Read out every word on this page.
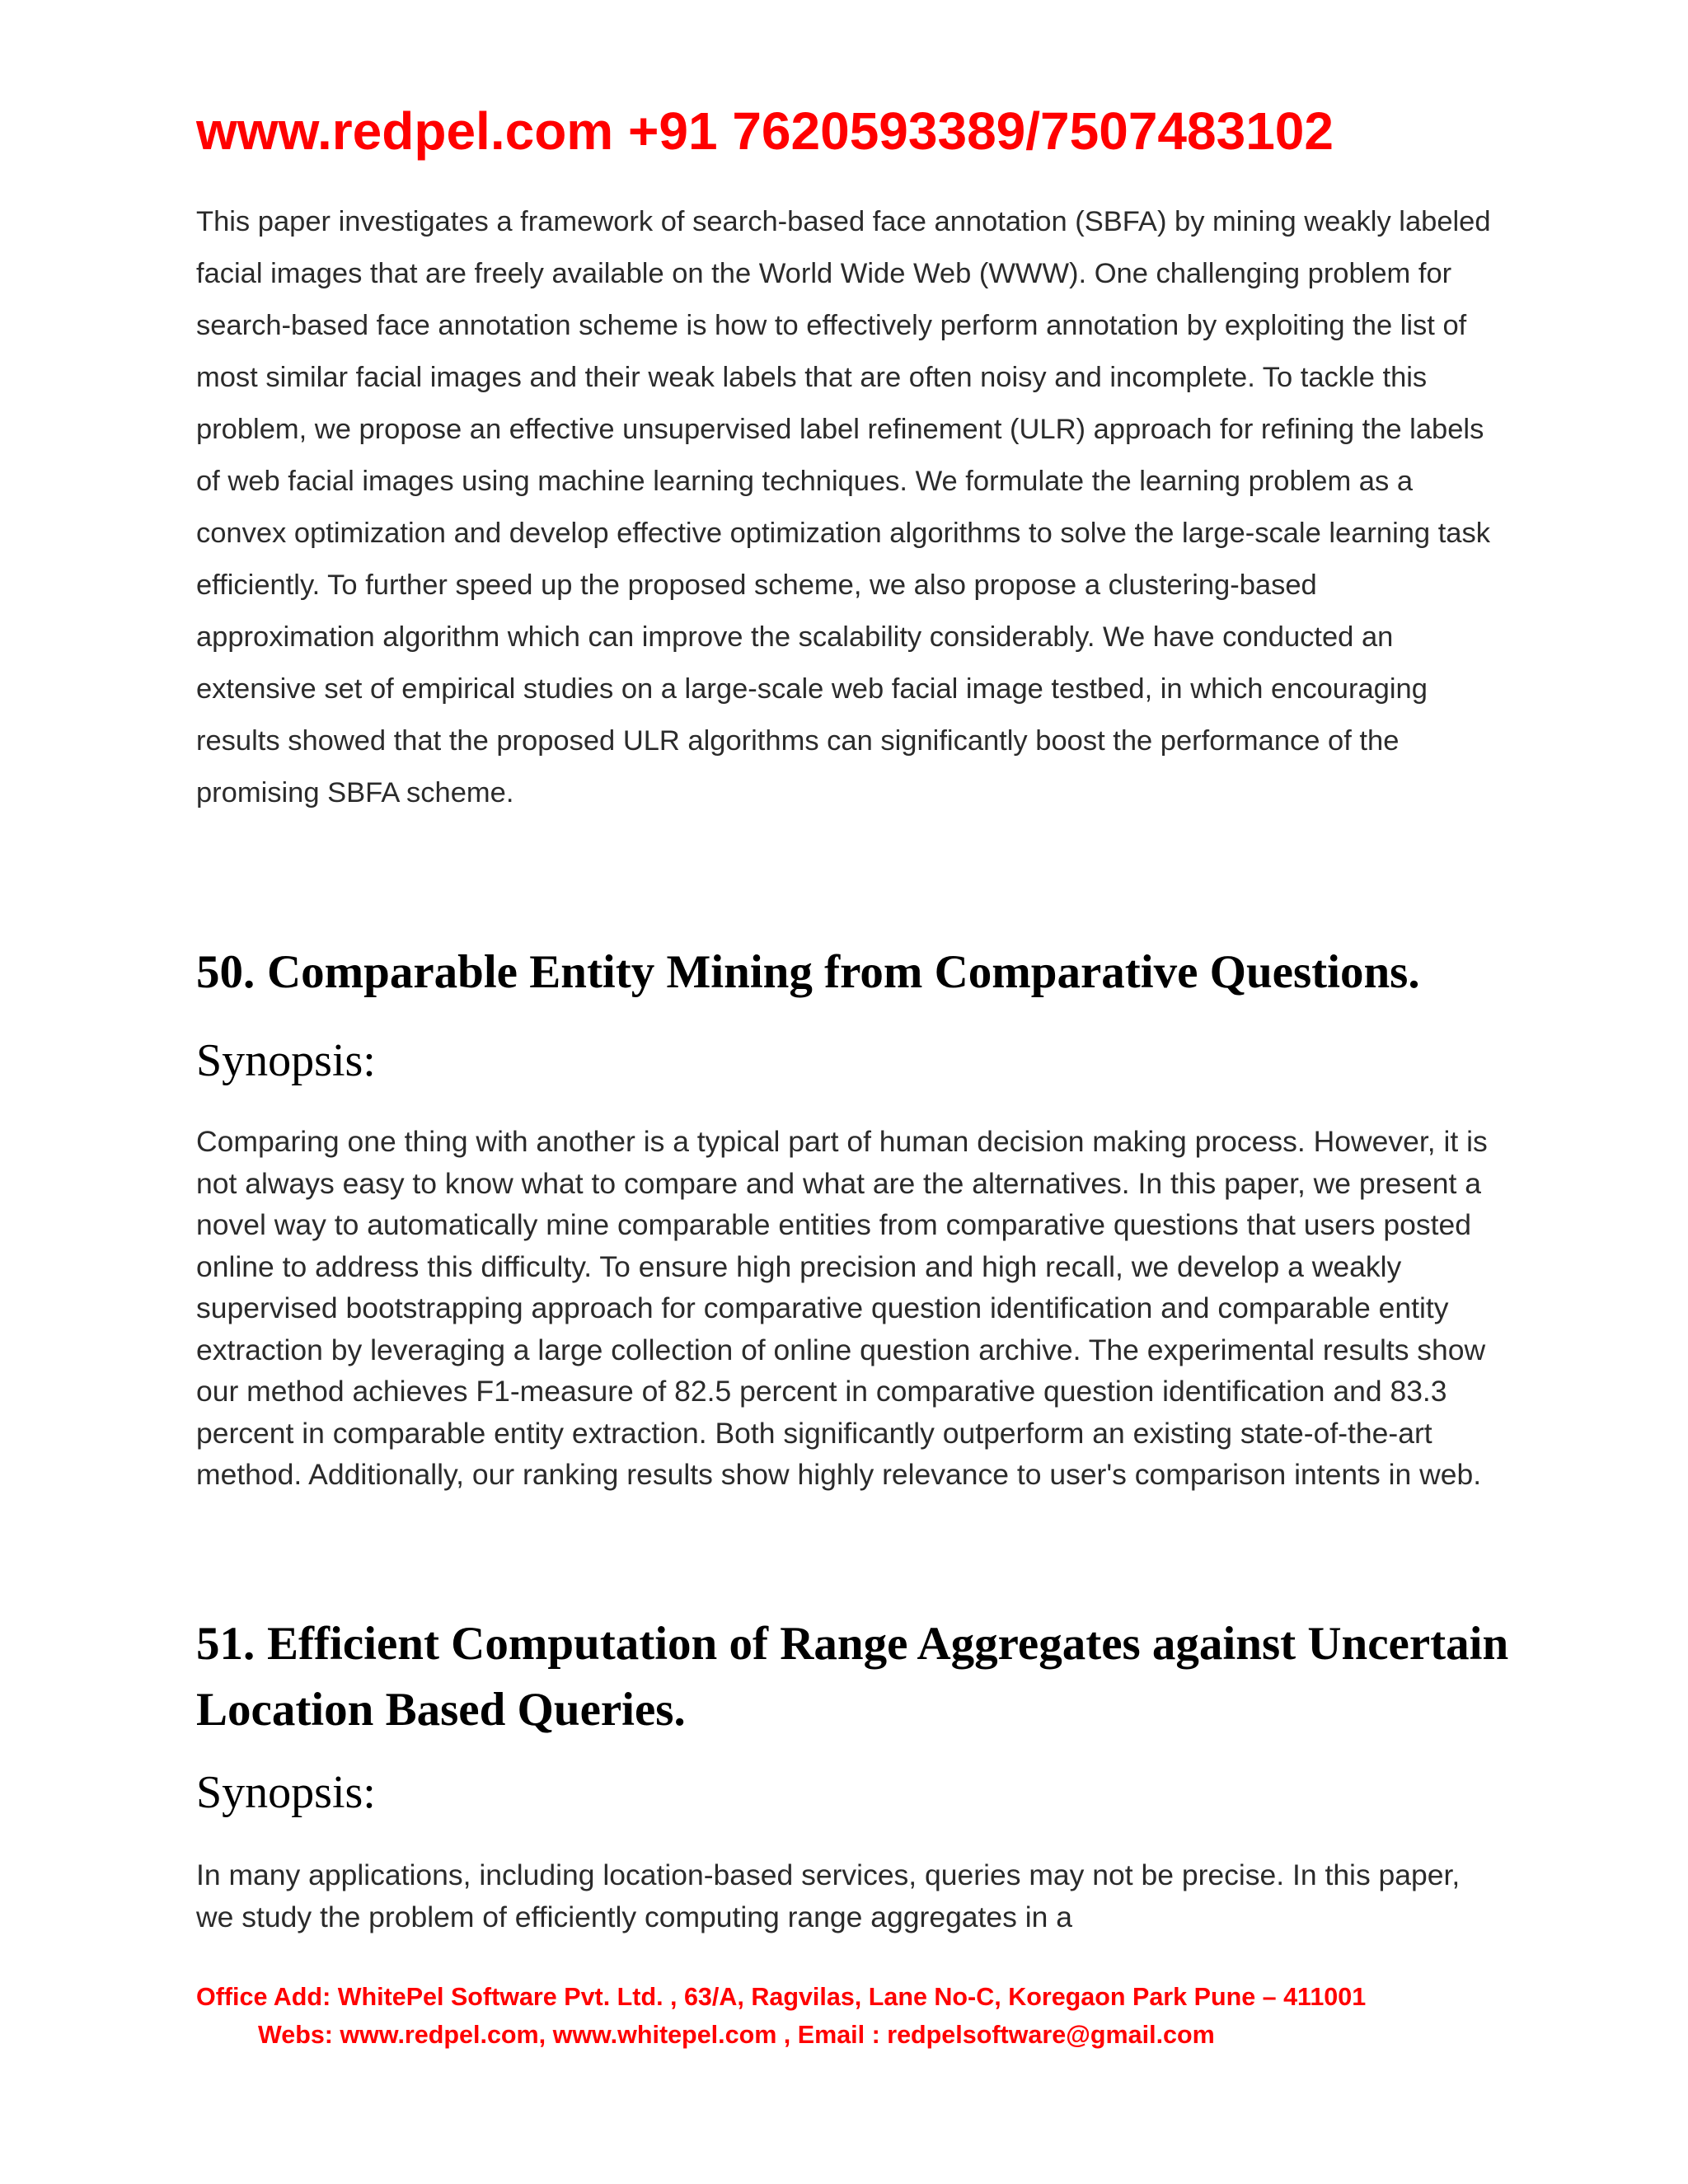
www.redpel.com +91 7620593389/7507483102

This paper investigates a framework of search-based face annotation (SBFA) by mining weakly labeled facial images that are freely available on the World Wide Web (WWW). One challenging problem for search-based face annotation scheme is how to effectively perform annotation by exploiting the list of most similar facial images and their weak labels that are often noisy and incomplete. To tackle this problem, we propose an effective unsupervised label refinement (ULR) approach for refining the labels of web facial images using machine learning techniques. We formulate the learning problem as a convex optimization and develop effective optimization algorithms to solve the large-scale learning task efficiently. To further speed up the proposed scheme, we also propose a clustering-based approximation algorithm which can improve the scalability considerably. We have conducted an extensive set of empirical studies on a large-scale web facial image testbed, in which encouraging results showed that the proposed ULR algorithms can significantly boost the performance of the promising SBFA scheme.

50. Comparable Entity Mining from Comparative Questions.
Synopsis:

Comparing one thing with another is a typical part of human decision making process. However, it is not always easy to know what to compare and what are the alternatives. In this paper, we present a novel way to automatically mine comparable entities from comparative questions that users posted online to address this difficulty. To ensure high precision and high recall, we develop a weakly supervised bootstrapping approach for comparative question identification and comparable entity extraction by leveraging a large collection of online question archive. The experimental results show our method achieves F1-measure of 82.5 percent in comparative question identification and 83.3 percent in comparable entity extraction. Both significantly outperform an existing state-of-the-art method. Additionally, our ranking results show highly relevance to user's comparison intents in web.

51. Efficient Computation of Range Aggregates against Uncertain Location Based Queries.
Synopsis:

In many applications, including location-based services, queries may not be precise. In this paper, we study the problem of efficiently computing range aggregates in a

Office Add: WhitePel Software Pvt. Ltd. , 63/A, Ragvilas, Lane No-C, Koregaon Park Pune – 411001
Webs: www.redpel.com, www.whitepel.com , Email : redpelsoftware@gmail.com
